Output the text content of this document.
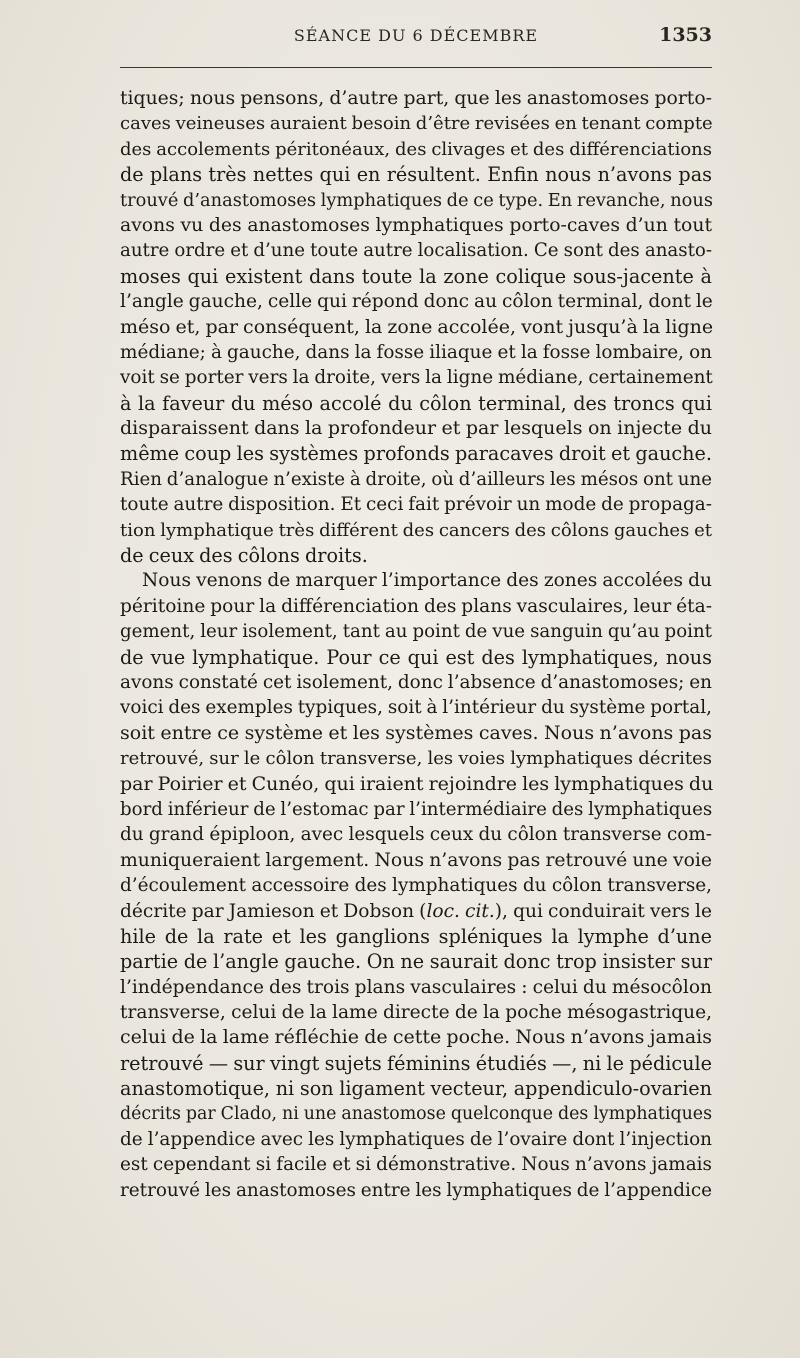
SÉANCE DU 6 DÉCEMBRE	1353
tiques; nous pensons, d’autre part, que les anastomoses porto-
caves veineuses auraient besoin d’être revisées en tenant compte
des accolements péritonéaux, des clivages et des différenciations
de plans très nettes qui en résultent. Enfin nous n’avons pas
trouvé d’anastomoses lymphatiques de ce type. En revanche, nous
avons vu des anastomoses lymphatiques porto-caves d’un tout
autre ordre et d’une toute autre localisation. Ce sont des anasto-
moses qui existent dans toute la zone colique sous-jacente à
l’angle gauche, celle qui répond donc au côlon terminal, dont le
méso et, par conséquent, la zone accolée, vont jusqu’à la ligne
médiane; à gauche, dans la fosse iliaque et la fosse lombaire, on
voit se porter vers la droite, vers la ligne médiane, certainement
à la faveur du méso accolé du côlon terminal, des troncs qui
disparaissent dans la profondeur et par lesquels on injecte du
même coup les systèmes profonds paracaves droit et gauche.
Rien d’analogue n’existe à droite, où d’ailleurs les mésos ont une
toute autre disposition. Et ceci fait prévoir un mode de propaga-
tion lymphatique très différent des cancers des côlons gauches et
de ceux des côlons droits.
Nous venons de marquer l’importance des zones accolées du
péritoine pour la différenciation des plans vasculaires, leur éta-
gement, leur isolement, tant au point de vue sanguin qu’au point
de vue lymphatique. Pour ce qui est des lymphatiques, nous
avons constaté cet isolement, donc l’absence d’anastomoses; en
voici des exemples typiques, soit à l’intérieur du système portal,
soit entre ce système et les systèmes caves. Nous n’avons pas
retrouvé, sur le côlon transverse, les voies lymphatiques décrites
par Poirier et Cunéo, qui iraient rejoindre les lymphatiques du
bord inférieur de l’estomac par l’intermédiaire des lymphatiques
du grand épiploon, avec lesquels ceux du côlon transverse com-
muniqueraient largement. Nous n’avons pas retrouvé une voie
d’écoulement accessoire des lymphatiques du côlon transverse,
décrite par Jamieson et Dobson (loc. cit.), qui conduirait vers le
hile de la rate et les ganglions spléniques la lymphe d’une
partie de l’angle gauche. On ne saurait donc trop insister sur
l’indépendance des trois plans vasculaires : celui du mésocôlon
transverse, celui de la lame directe de la poche mésogastrique,
celui de la lame réfléchie de cette poche. Nous n’avons jamais
retrouvé — sur vingt sujets féminins étudiés —, ni le pédicule
anastomotique, ni son ligament vecteur, appendiculo-ovarien
décrits par Clado, ni une anastomose quelconque des lymphatiques
de l’appendice avec les lymphatiques de l’ovaire dont l’injection
est cependant si facile et si démonstrative. Nous n’avons jamais
retrouvé les anastomoses entre les lymphatiques de l’appendice
